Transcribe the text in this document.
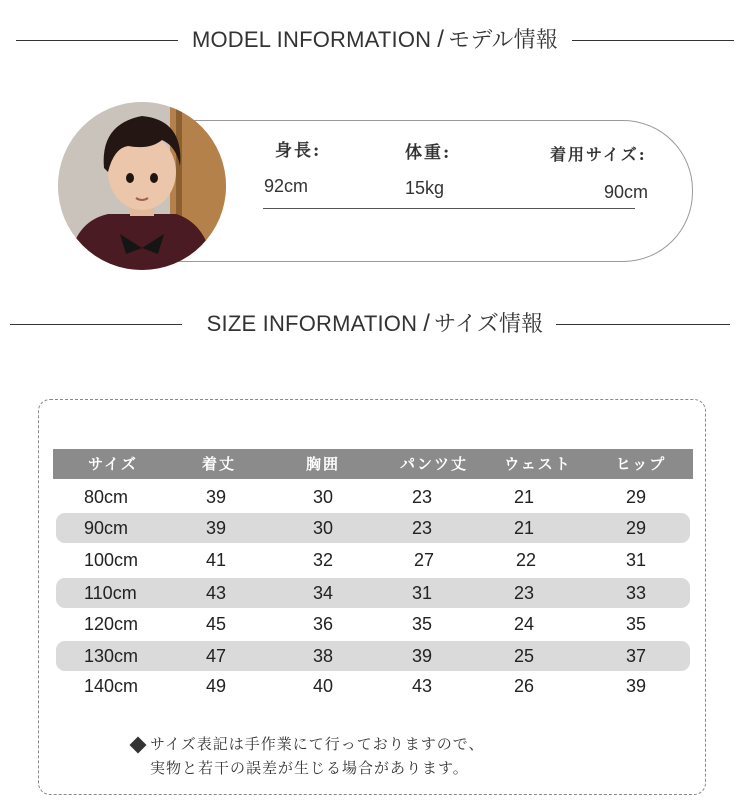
MODEL INFORMATION / モデル情報
身長:
92cm
体重:
15kg
着用サイズ:
90cm
SIZE INFORMATION / サイズ情報
サイズ	着丈	胸囲	パンツ丈	ウェスト	ヒップ
80cm	39	30	23	21	29
90cm	39	30	23	21	29
100cm	41	32	27	22	31
110cm	43	34	31	23	33
120cm	45	36	35	24	35
130cm	47	38	39	25	37
140cm	49	40	43	26	39
サイズ表記は手作業にて行っておりますので、
実物と若干の誤差が生じる場合があります。
